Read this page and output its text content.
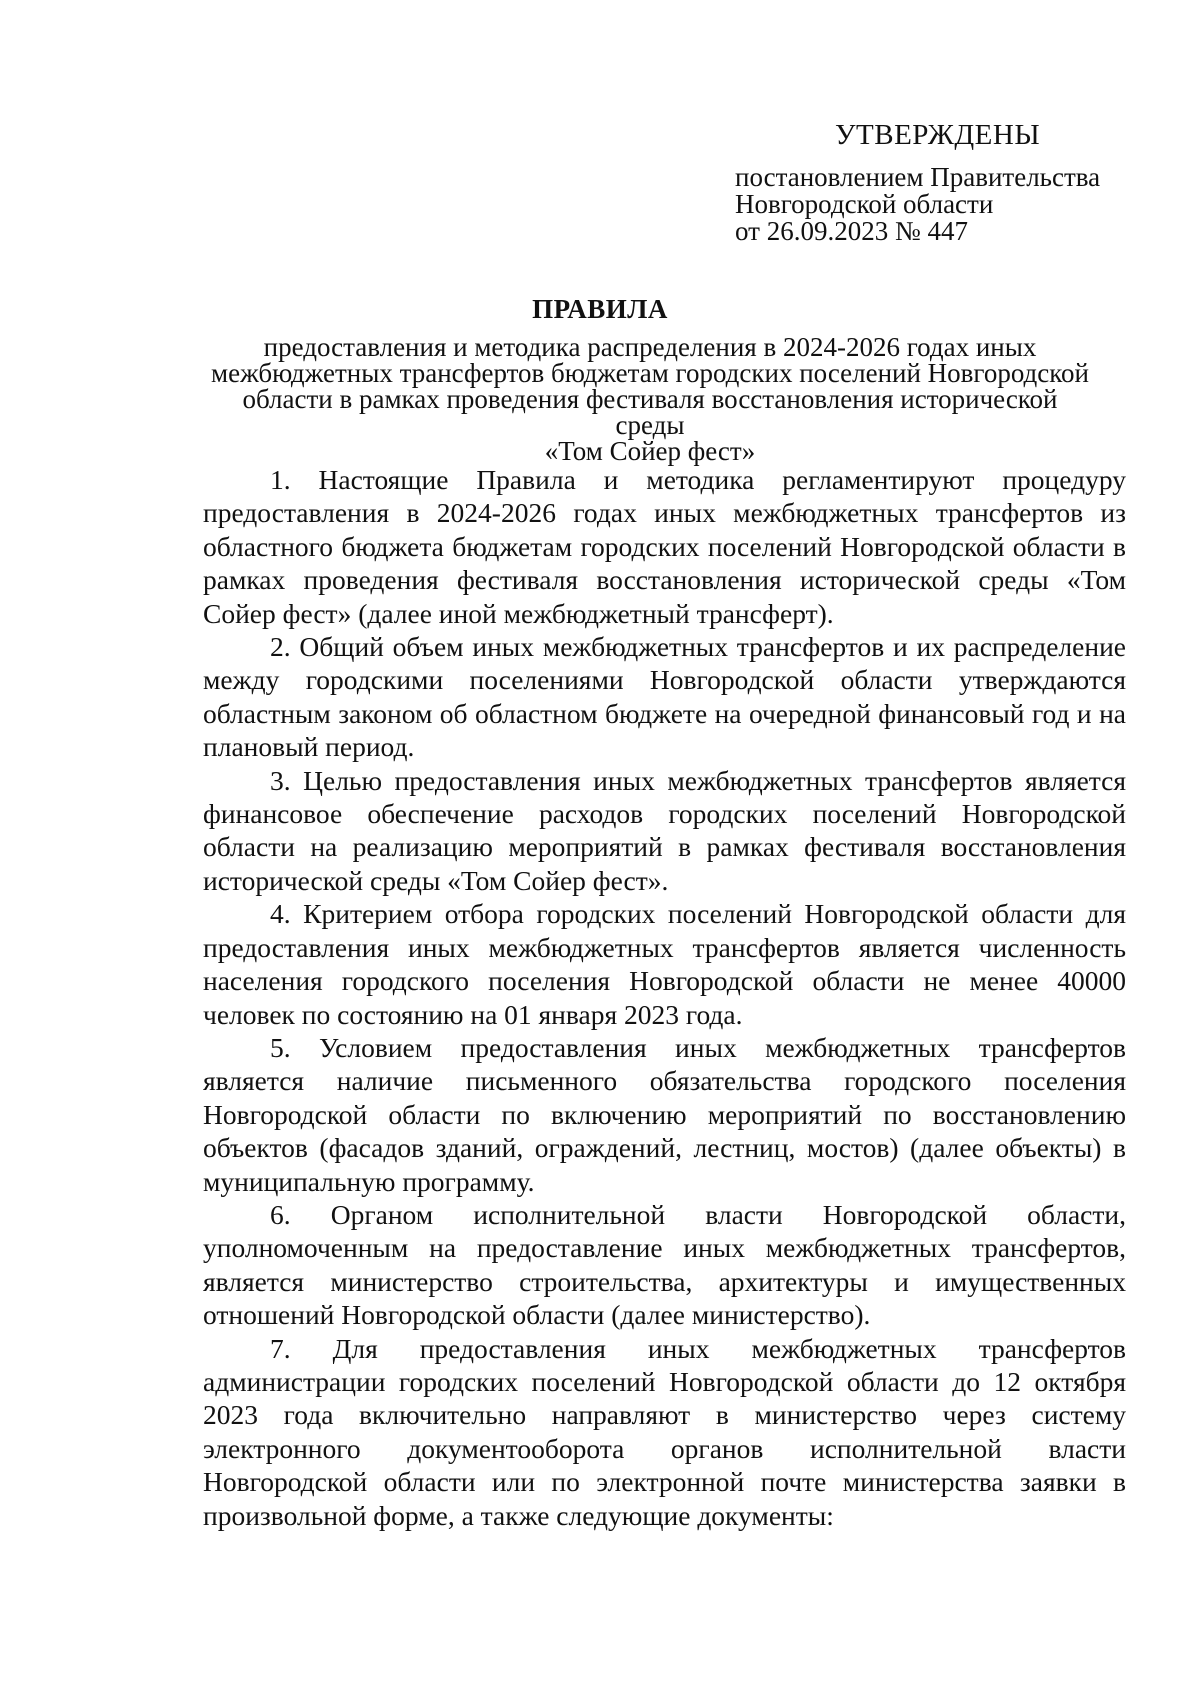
УТВЕРЖДЕНЫ
постановлением Правительства
Новгородской области
от 26.09.2023 № 447
ПРАВИЛА
предоставления и методика распределения в 2024-2026 годах иных
межбюджетных трансфертов бюджетам городских поселений Новгородской
области в рамках проведения фестиваля восстановления исторической среды
«Том Сойер фест»

1. Настоящие Правила и методика регламентируют процедуру предоставления в 2024-2026 годах иных межбюджетных трансфертов из областного бюджета бюджетам городских поселений Новгородской области в рамках проведения фестиваля восстановления исторической среды «Том Сойер фест» (далее иной межбюджетный трансферт).

2. Общий объем иных межбюджетных трансфертов и их распределение между городскими поселениями Новгородской области утверждаются областным законом об областном бюджете на очередной финансовый год и на плановый период.

3. Целью предоставления иных межбюджетных трансфертов является финансовое обеспечение расходов городских поселений Новгородской области на реализацию мероприятий в рамках фестиваля восстановления исторической среды «Том Сойер фест».

4. Критерием отбора городских поселений Новгородской области для предоставления иных межбюджетных трансфертов является численность населения городского поселения Новгородской области не менее 40000 человек по состоянию на 01 января 2023 года.

5. Условием предоставления иных межбюджетных трансфертов является наличие письменного обязательства городского поселения Новгородской области по включению мероприятий по восстановлению объектов (фасадов зданий, ограждений, лестниц, мостов) (далее объекты) в муниципальную программу.

6. Органом исполнительной власти Новгородской области, уполномоченным на предоставление иных межбюджетных трансфертов, является министерство строительства, архитектуры и имущественных отношений Новгородской области (далее министерство).

7. Для предоставления иных межбюджетных трансфертов администрации городских поселений Новгородской области до 12 октября 2023 года включительно направляют в министерство через систему электронного документооборота органов исполнительной власти Новгородской области или по электронной почте министерства заявки в произвольной форме, а также следующие документы:
